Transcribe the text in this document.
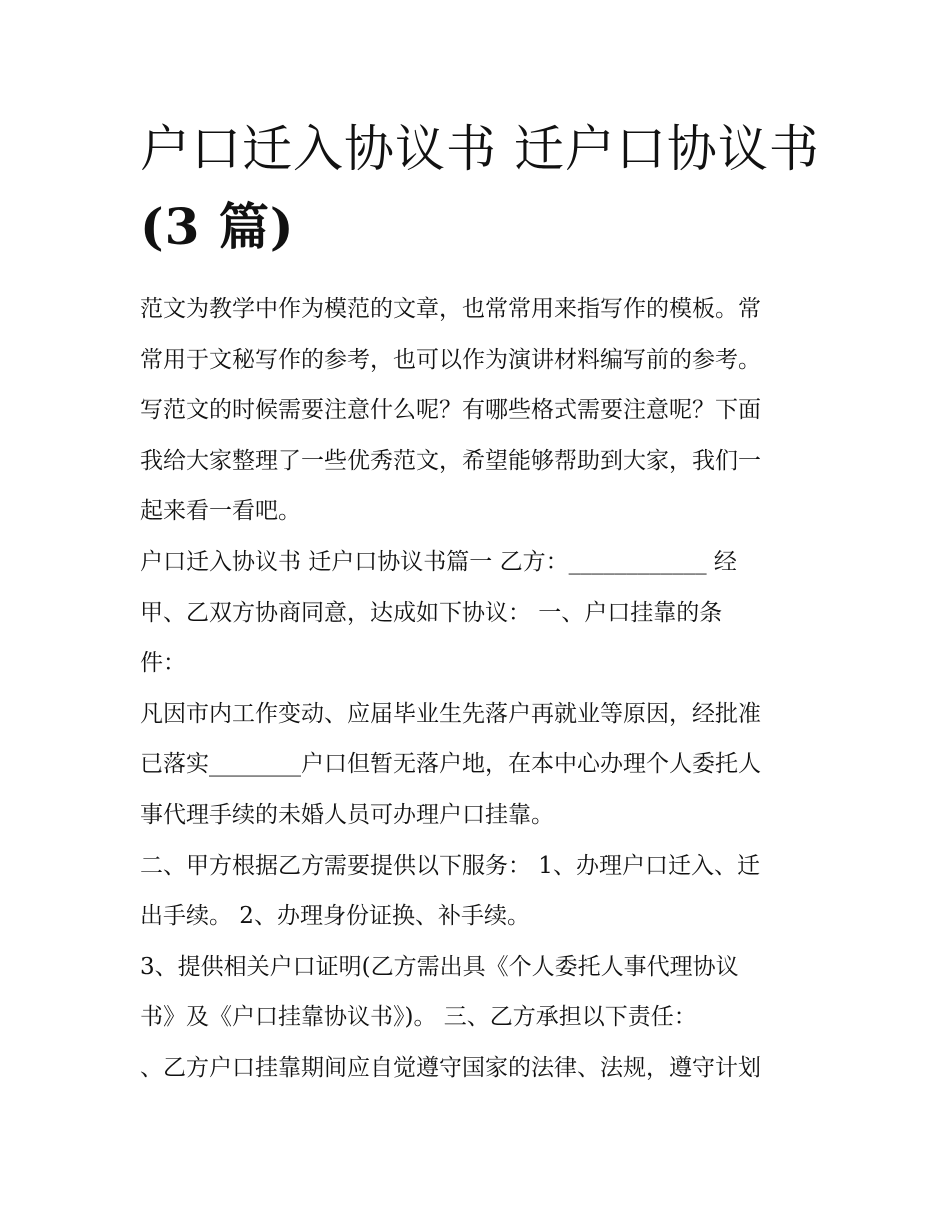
户口迁入协议书 迁户口协议书
(3 篇)

范文为教学中作为模范的文章，也常常用来指写作的模板。常
常用于文秘写作的参考，也可以作为演讲材料编写前的参考。
写范文的时候需要注意什么呢？有哪些格式需要注意呢？下面
我给大家整理了一些优秀范文，希望能够帮助到大家，我们一
起来看一看吧。

户口迁入协议书 迁户口协议书篇一 乙方：____________ 经
甲、乙双方协商同意，达成如下协议： 一、户口挂靠的条
件：

凡因市内工作变动、应届毕业生先落户再就业等原因，经批准
已落实________户口但暂无落户地，在本中心办理个人委托人
事代理手续的未婚人员可办理户口挂靠。

二、甲方根据乙方需要提供以下服务： 1、办理户口迁入、迁
出手续。 2、办理身份证换、补手续。

3、提供相关户口证明(乙方需出具《个人委托人事代理协议
书》及《户口挂靠协议书》)。 三、乙方承担以下责任：

、乙方户口挂靠期间应自觉遵守国家的法律、法规，遵守计划
